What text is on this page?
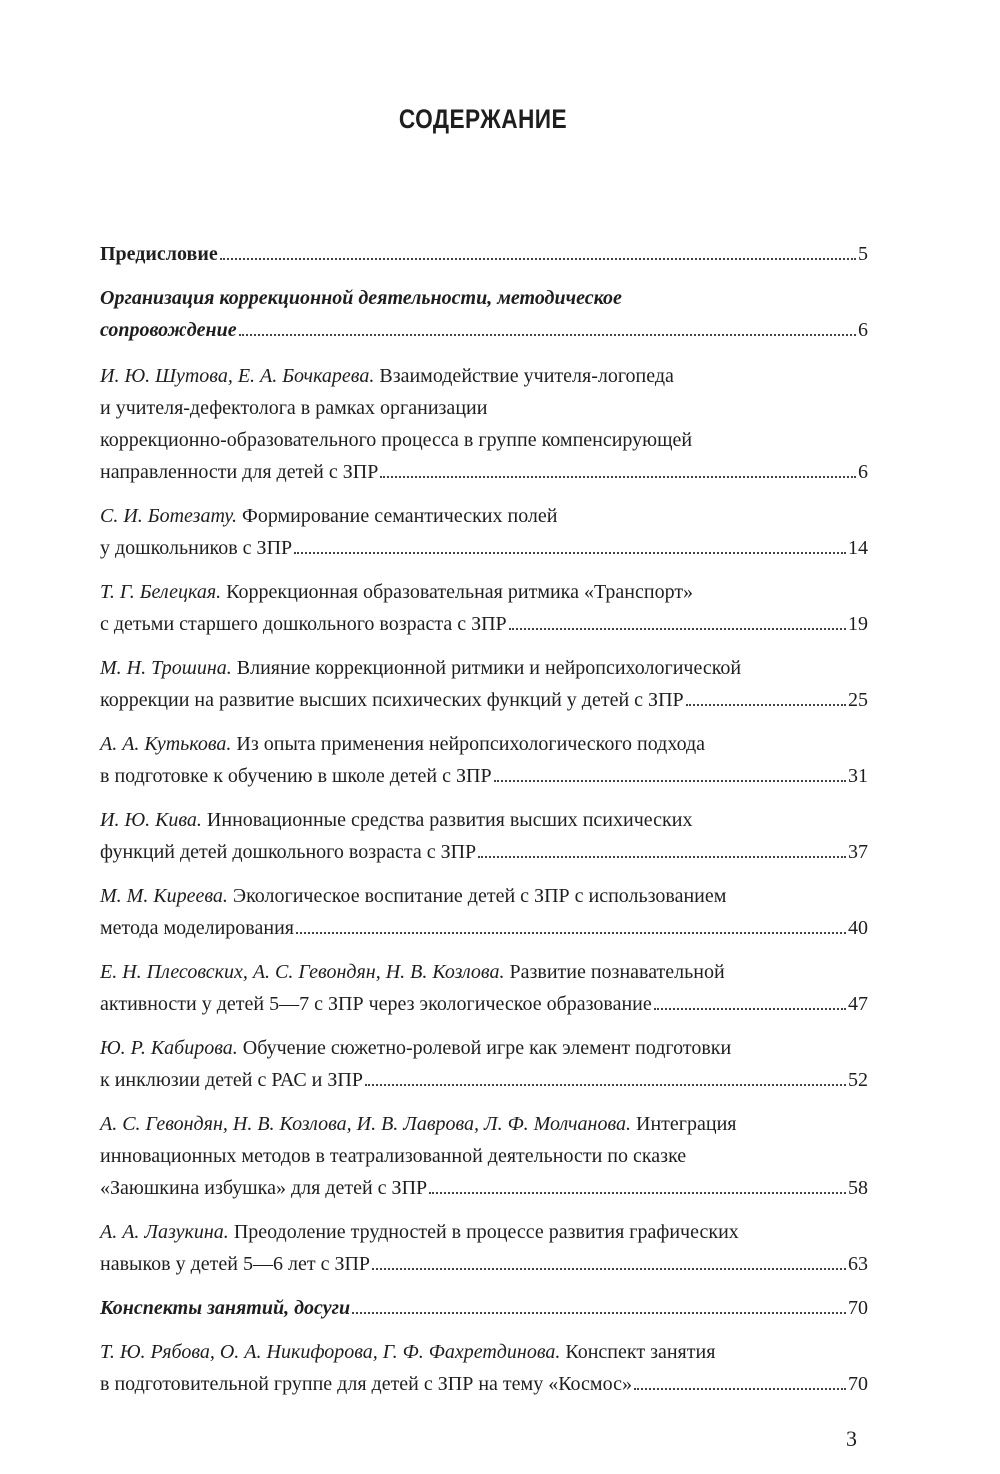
СОДЕРЖАНИЕ
Предисловие	5
Организация коррекционной деятельности, методическое
сопровождение	6
И. Ю. Шутова, Е. А. Бочкарева. Взаимодействие учителя-логопеда
и учителя-дефектолога в рамках организации
коррекционно-образовательного процесса в группе компенсирующей
направленности для детей с ЗПР	6
С. И. Ботезату. Формирование семантических полей
у дошкольников с ЗПР	14
Т. Г. Белецкая. Коррекционная образовательная ритмика «Транспорт»
с детьми старшего дошкольного возраста с ЗПР	19
М. Н. Трошина. Влияние коррекционной ритмики и нейропсихологической
коррекции на развитие высших психических функций у детей с ЗПР	25
А. А. Кутькова. Из опыта применения нейропсихологического подхода
в подготовке к обучению в школе детей с ЗПР	31
И. Ю. Кива. Инновационные средства развития высших психических
функций детей дошкольного возраста с ЗПР	37
М. М. Киреева. Экологическое воспитание детей с ЗПР с использованием
метода моделирования	40
Е. Н. Плесовских, А. С. Гевондян, Н. В. Козлова. Развитие познавательной
активности у детей 5—7 с ЗПР через экологическое образование	47
Ю. Р. Кабирова. Обучение сюжетно-ролевой игре как элемент подготовки
к инклюзии детей с РАС и ЗПР	52
А. С. Гевондян, Н. В. Козлова, И. В. Лаврова, Л. Ф. Молчанова. Интеграция
инновационных методов в театрализованной деятельности по сказке
«Заюшкина избушка» для детей с ЗПР	58
А. А. Лазукина. Преодоление трудностей в процессе развития графических
навыков у детей 5—6 лет с ЗПР	63
Конспекты занятий, досуги	70
Т. Ю. Рябова, О. А. Никифорова, Г. Ф. Фахретдинова. Конспект занятия
в подготовительной группе для детей с ЗПР на тему «Космос»	70
3
